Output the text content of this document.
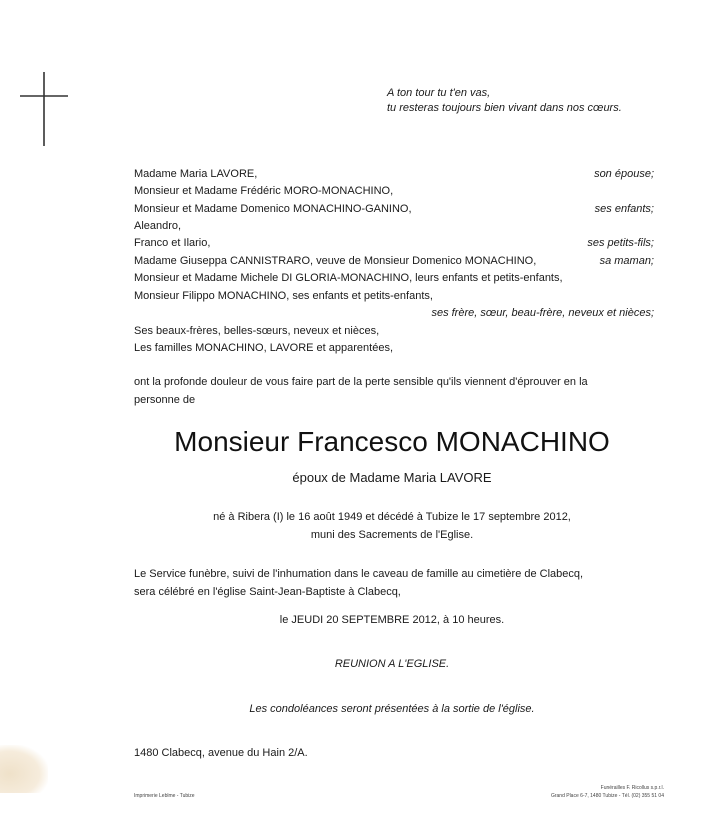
A ton tour tu t'en vas,
tu resteras toujours bien vivant dans nos cœurs.
Madame Maria LAVORE,	son épouse;
Monsieur et Madame Frédéric MORO-MONACHINO,
Monsieur et Madame Domenico MONACHINO-GANINO,	ses enfants;
Aleandro,
Franco et Ilario,	ses petits-fils;
Madame Giuseppa CANNISTRARO, veuve de Monsieur Domenico MONACHINO,	sa maman;
Monsieur et Madame Michele DI GLORIA-MONACHINO, leurs enfants et petits-enfants,
Monsieur Filippo MONACHINO, ses enfants et petits-enfants,
ses frère, sœur, beau-frère, neveux et nièces;
Ses beaux-frères, belles-sœurs, neveux et nièces,
Les familles MONACHINO, LAVORE et apparentées,
ont la profonde douleur de vous faire part de la perte sensible qu'ils viennent d'éprouver en la
personne de
Monsieur Francesco MONACHINO
époux de Madame Maria LAVORE
né à Ribera (I) le 16 août 1949 et décédé à Tubize le 17 septembre 2012,
muni des Sacrements de l'Eglise.
Le Service funèbre, suivi de l'inhumation dans le caveau de famille au cimetière de Clabecq,
sera célébré en l'église Saint-Jean-Baptiste à Clabecq,
le JEUDI 20 SEPTEMBRE 2012, à 10 heures.
REUNION A L'EGLISE.
Les condoléances seront présentées à la sortie de l'église.
1480 Clabecq, avenue du Hain 2/A.
Imprimerie Leblme - Tubize
Funérailles F. Ricollus s.p.r.l.
Grand Place 6-7, 1480 Tubize - Tél. (02) 355 51 04
